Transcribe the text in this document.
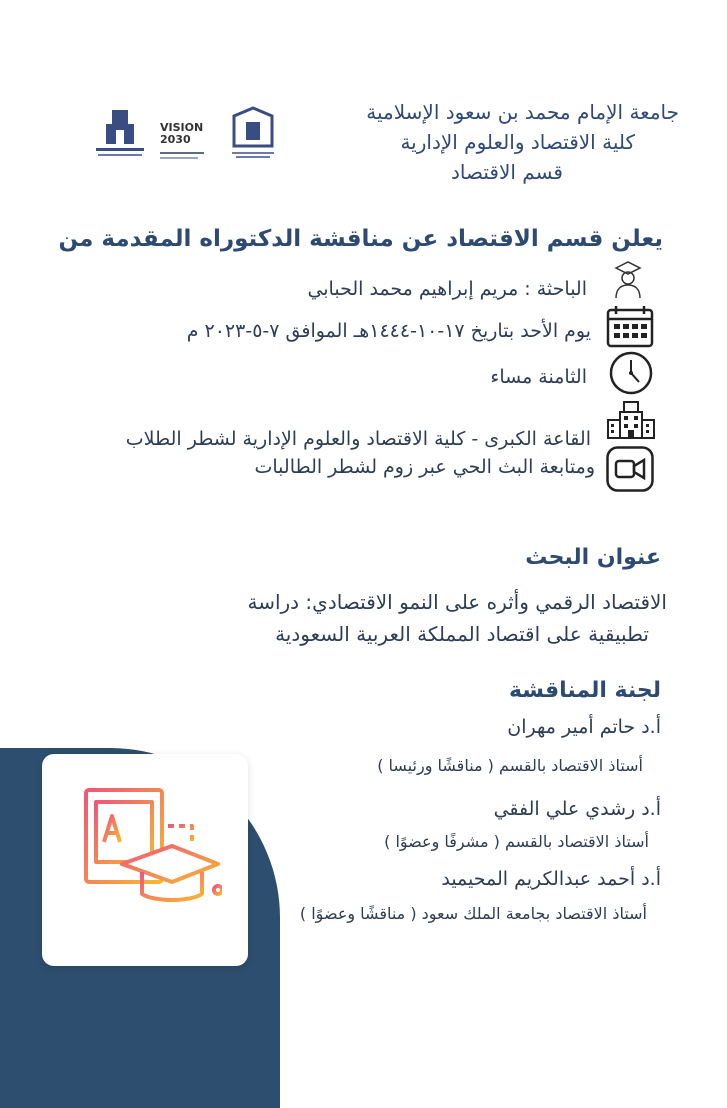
VISION 2030
جامعة الإمام محمد بن سعود الإسلامية
كلية الاقتصاد والعلوم الإدارية
قسم الاقتصاد
يعلن قسم الاقتصاد عن مناقشة الدكتوراه المقدمة من
الباحثة : مريم إبراهيم محمد الحبابي
يوم الأحد بتاريخ ١٧-١٠-١٤٤٤هـ الموافق ٧-٥-٢٠٢٣ م
الثامنة مساء
القاعة الكبرى - كلية الاقتصاد والعلوم الإدارية لشطر الطلاب
ومتابعة البث الحي عبر زوم لشطر الطالبات
عنوان البحث
الاقتصاد الرقمي وأثره على النمو الاقتصادي: دراسة
تطبيقية على اقتصاد المملكة العربية السعودية
لجنة المناقشة
أ.د حاتم أمير مهران
أستاذ الاقتصاد بالقسم ( مناقشًا ورئيسا )
أ.د رشدي علي الفقي
أستاذ الاقتصاد بالقسم ( مشرفًا وعضوًا )
أ.د أحمد عبدالكريم المحيميد
أستاذ الاقتصاد بجامعة الملك سعود ( مناقشًا وعضوًا )
